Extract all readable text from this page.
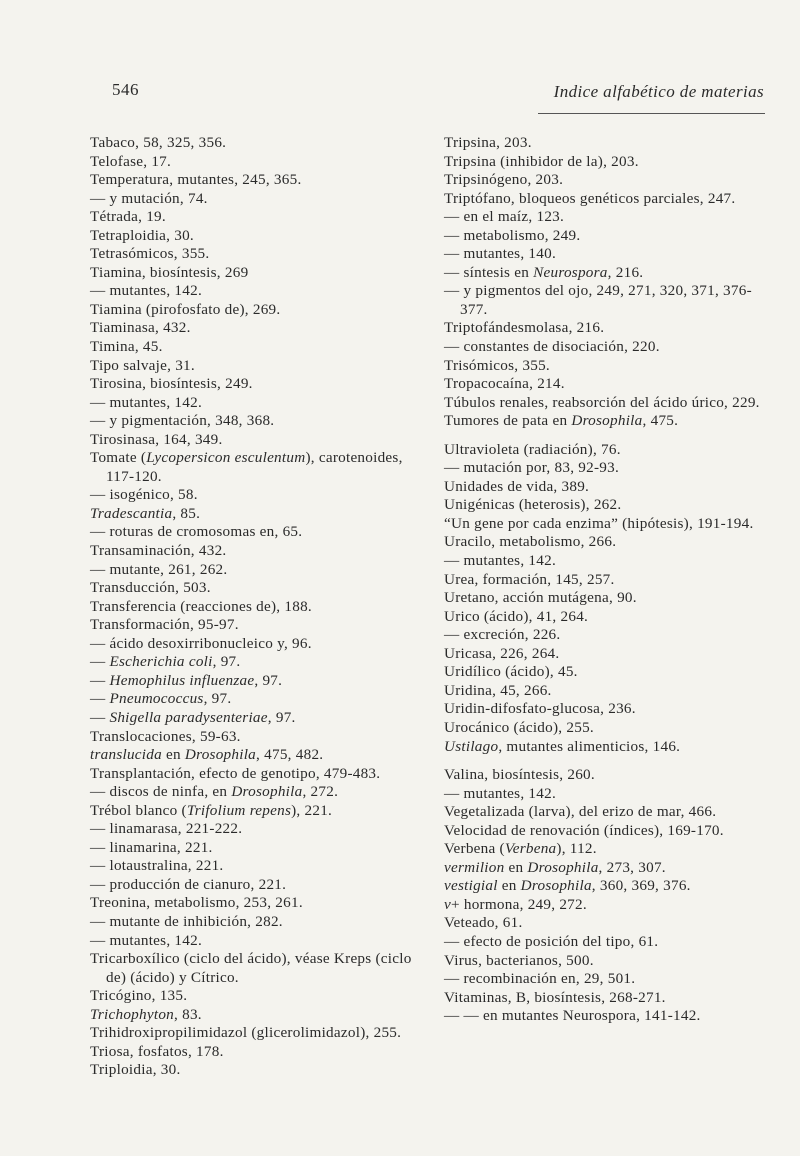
546	Indice alfabético de materias
Tabaco, 58, 325, 356.
Telofase, 17.
Temperatura, mutantes, 245, 365.
— y mutación, 74.
Tétrada, 19.
Tetraploidia, 30.
Tetrasómicos, 355.
Tiamina, biosíntesis, 269
— mutantes, 142.
Tiamina (pirofosfato de), 269.
Tiaminasa, 432.
Timina, 45.
Tipo salvaje, 31.
Tirosina, biosíntesis, 249.
— mutantes, 142.
— y pigmentación, 348, 368.
Tirosinasa, 164, 349.
Tomate (Lycopersicon esculentum), carotenoides, 117-120.
— isogénico, 58.
Tradescantia, 85.
— roturas de cromosomas en, 65.
Transaminación, 432.
— mutante, 261, 262.
Transducción, 503.
Transferencia (reacciones de), 188.
Transformación, 95-97.
— ácido desoxirribonucleico y, 96.
— Escherichia coli, 97.
— Hemophilus influenzae, 97.
— Pneumococcus, 97.
— Shigella paradysenteriae, 97.
Translocaciones, 59-63.
translucida en Drosophila, 475, 482.
Transplantación, efecto de genotipo, 479-483.
— discos de ninfa, en Drosophila, 272.
Trébol blanco (Trifolium repens), 221.
— linamarasa, 221-222.
— linamarina, 221.
— lotaustralina, 221.
— producción de cianuro, 221.
Treonina, metabolismo, 253, 261.
— mutante de inhibición, 282.
— mutantes, 142.
Tricarboxílico (ciclo del ácido), véase Kreps (ciclo de) (ácido) y Cítrico.
Tricógino, 135.
Trichophyton, 83.
Trihidroxipropilimidazol (glicerolimidazol), 255.
Triosa, fosfatos, 178.
Triploidia, 30.
Tripsina, 203.
Tripsina (inhibidor de la), 203.
Tripsinógeno, 203.
Triptófano, bloqueos genéticos parciales, 247.
— en el maíz, 123.
— metabolismo, 249.
— mutantes, 140.
— síntesis en Neurospora, 216.
— y pigmentos del ojo, 249, 271, 320, 371, 376-377.
Triptofándesmolasa, 216.
— constantes de disociación, 220.
Trisómicos, 355.
Tropacocaína, 214.
Túbulos renales, reabsorción del ácido úrico, 229.
Tumores de pata en Drosophila, 475.
Ultravioleta (radiación), 76.
— mutación por, 83, 92-93.
Unidades de vida, 389.
Unigénicas (heterosis), 262.
“Un gene por cada enzima” (hipótesis), 191-194.
Uracilo, metabolismo, 266.
— mutantes, 142.
Urea, formación, 145, 257.
Uretano, acción mutágena, 90.
Urico (ácido), 41, 264.
— excreción, 226.
Uricasa, 226, 264.
Uridílico (ácido), 45.
Uridina, 45, 266.
Uridin-difosfato-glucosa, 236.
Urocánico (ácido), 255.
Ustilago, mutantes alimenticios, 146.
Valina, biosíntesis, 260.
— mutantes, 142.
Vegetalizada (larva), del erizo de mar, 466.
Velocidad de renovación (índices), 169-170.
Verbena (Verbena), 112.
vermilion en Drosophila, 273, 307.
vestigial en Drosophila, 360, 369, 376.
v+ hormona, 249, 272.
Veteado, 61.
— efecto de posición del tipo, 61.
Virus, bacterianos, 500.
— recombinación en, 29, 501.
Vitaminas, B, biosíntesis, 268-271.
— — en mutantes Neurospora, 141-142.
